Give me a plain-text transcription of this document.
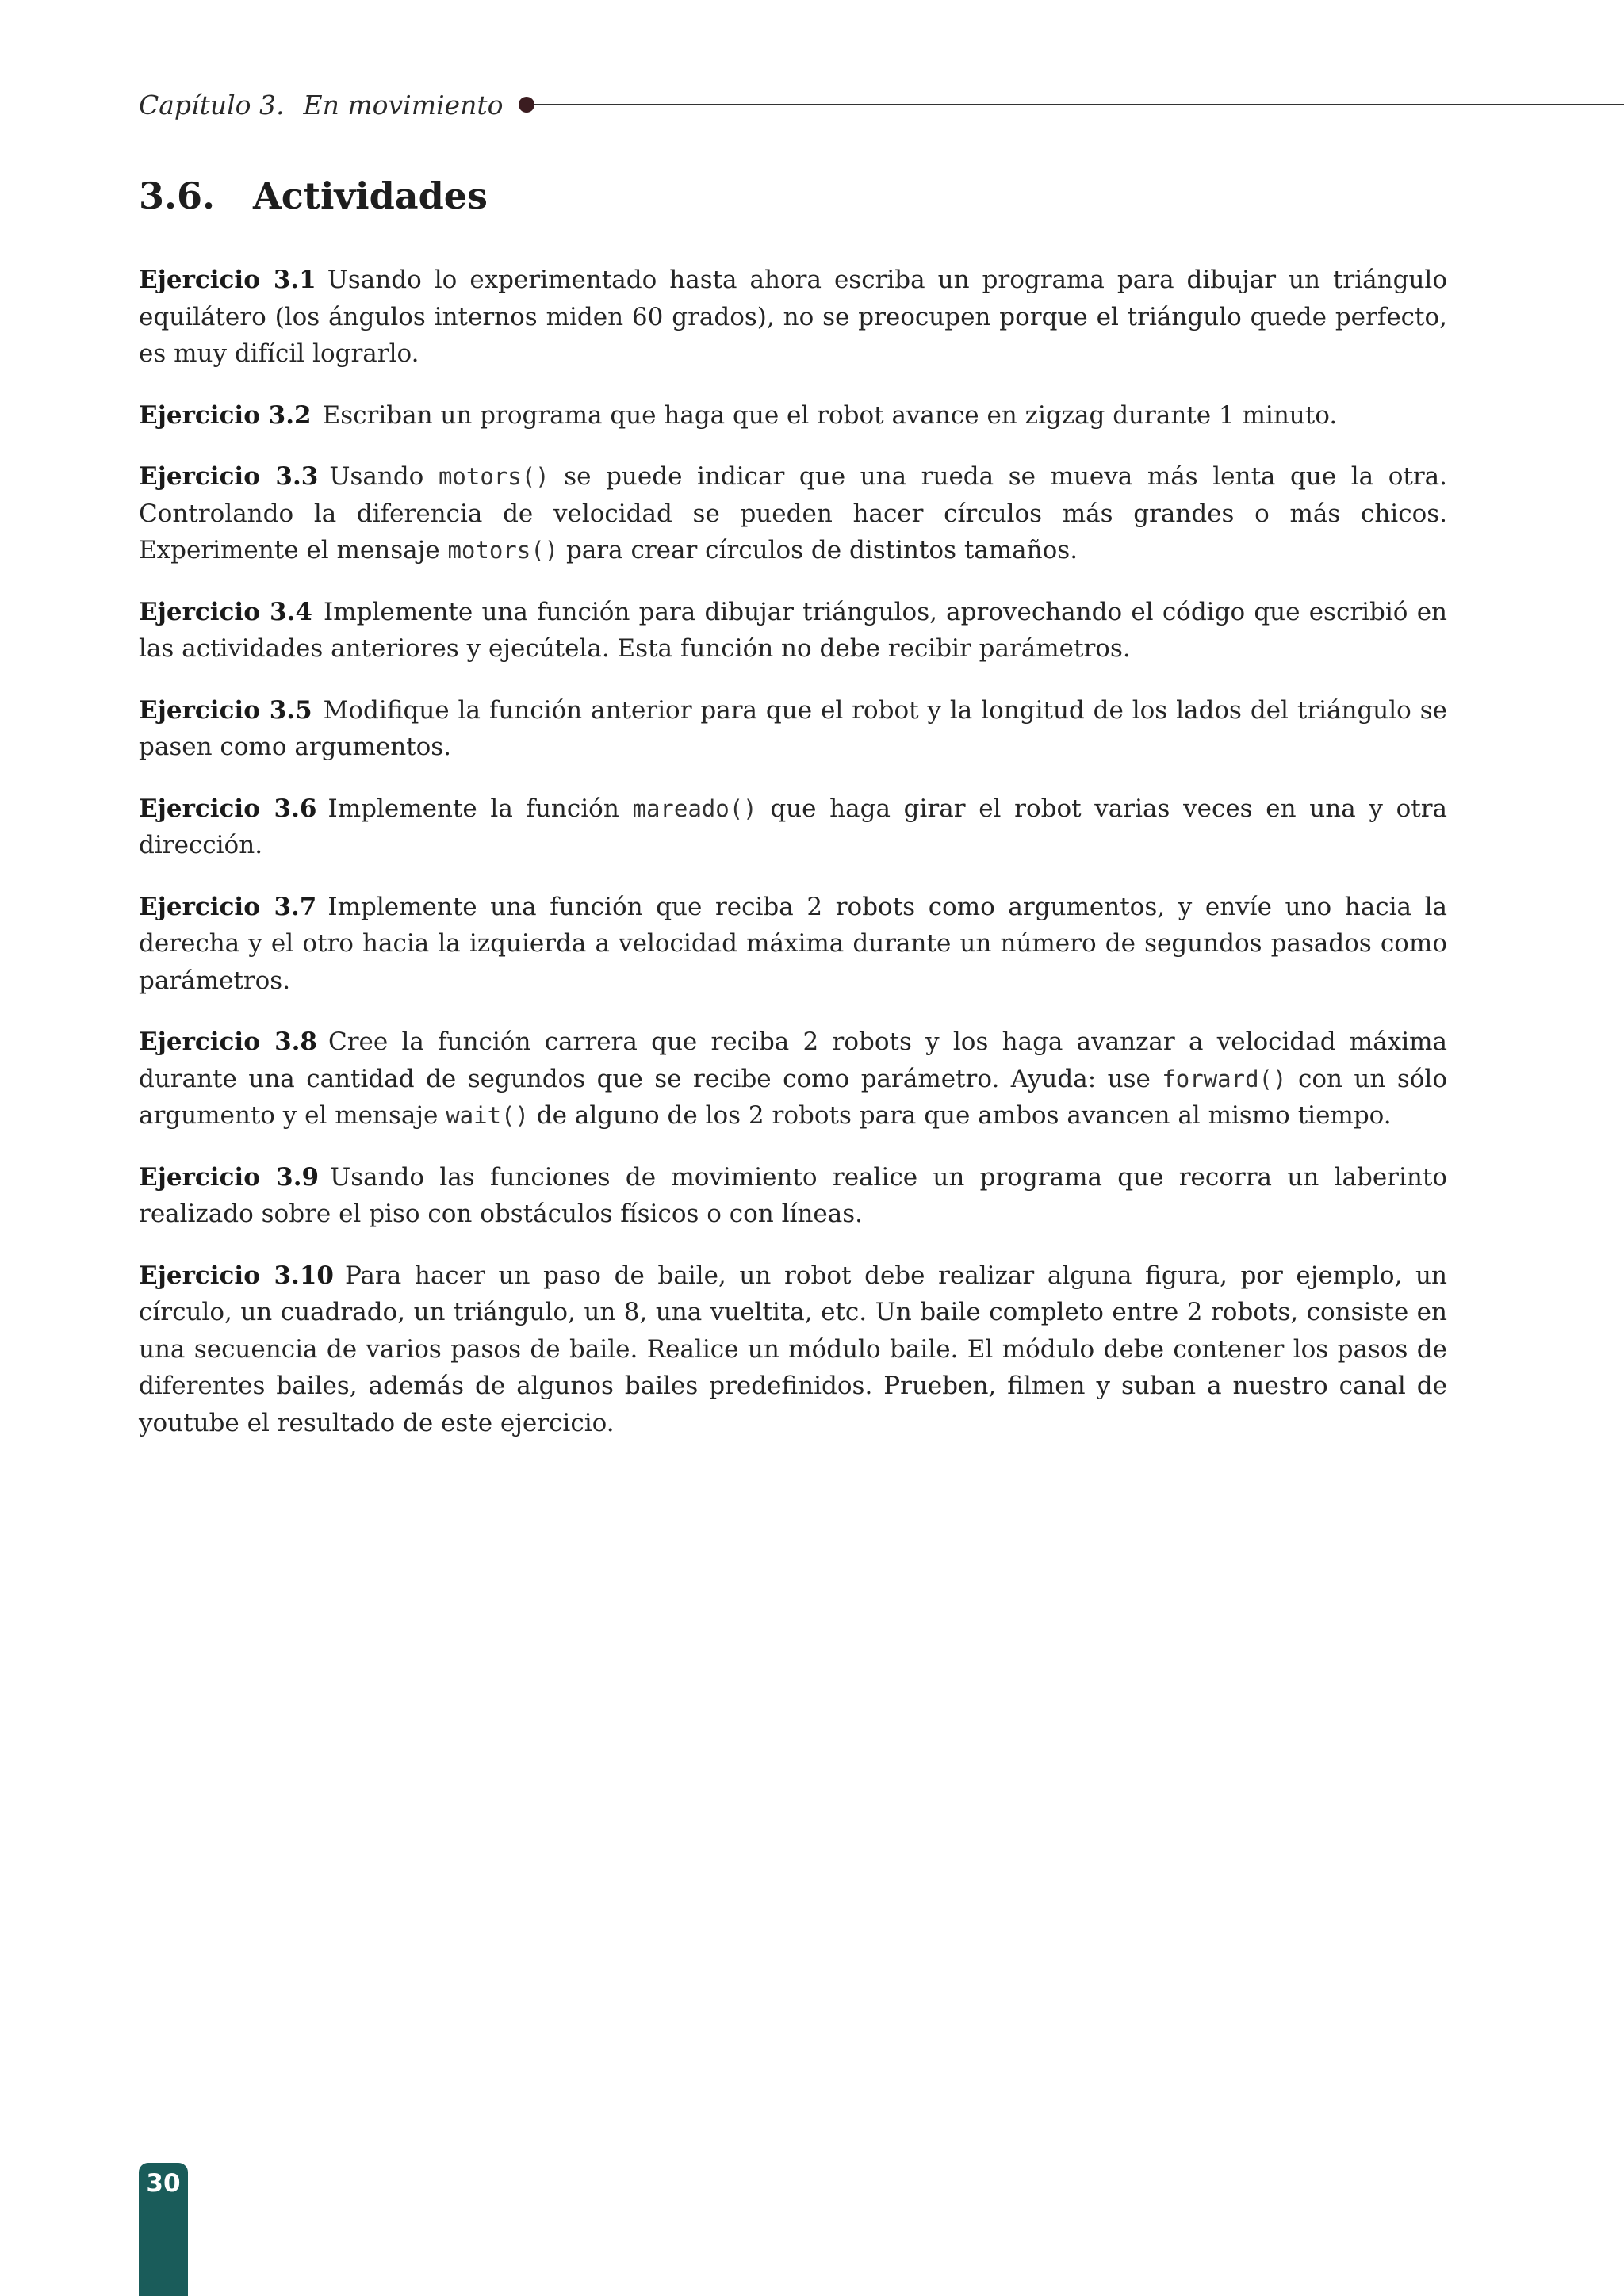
Capítulo 3. En movimiento
3.6. Actividades

Ejercicio 3.1 Usando lo experimentado hasta ahora escriba un programa para dibujar un triángulo equilátero (los ángulos internos miden 60 grados), no se preocupen porque el triángulo quede perfecto, es muy difícil lograrlo.

Ejercicio 3.2 Escriban un programa que haga que el robot avance en zigzag durante 1 minuto.

Ejercicio 3.3 Usando motors() se puede indicar que una rueda se mueva más lenta que la otra. Controlando la diferencia de velocidad se pueden hacer círculos más grandes o más chicos. Experimente el mensaje motors() para crear círculos de distintos tamaños.

Ejercicio 3.4 Implemente una función para dibujar triángulos, aprovechando el código que escribió en las actividades anteriores y ejecútela. Esta función no debe recibir parámetros.

Ejercicio 3.5 Modifique la función anterior para que el robot y la longitud de los lados del triángulo se pasen como argumentos.

Ejercicio 3.6 Implemente la función mareado() que haga girar el robot varias veces en una y otra dirección.

Ejercicio 3.7 Implemente una función que reciba 2 robots como argumentos, y envíe uno hacia la derecha y el otro hacia la izquierda a velocidad máxima durante un número de segundos pasados como parámetros.

Ejercicio 3.8 Cree la función carrera que reciba 2 robots y los haga avanzar a velocidad máxima durante una cantidad de segundos que se recibe como parámetro. Ayuda: use forward() con un sólo argumento y el mensaje wait() de alguno de los 2 robots para que ambos avancen al mismo tiempo.

Ejercicio 3.9 Usando las funciones de movimiento realice un programa que recorra un laberinto realizado sobre el piso con obstáculos físicos o con líneas.

Ejercicio 3.10 Para hacer un paso de baile, un robot debe realizar alguna figura, por ejemplo, un círculo, un cuadrado, un triángulo, un 8, una vueltita, etc. Un baile completo entre 2 robots, consiste en una secuencia de varios pasos de baile. Realice un módulo baile. El módulo debe contener los pasos de diferentes bailes, además de algunos bailes predefinidos. Prueben, filmen y suban a nuestro canal de youtube el resultado de este ejercicio.

30
